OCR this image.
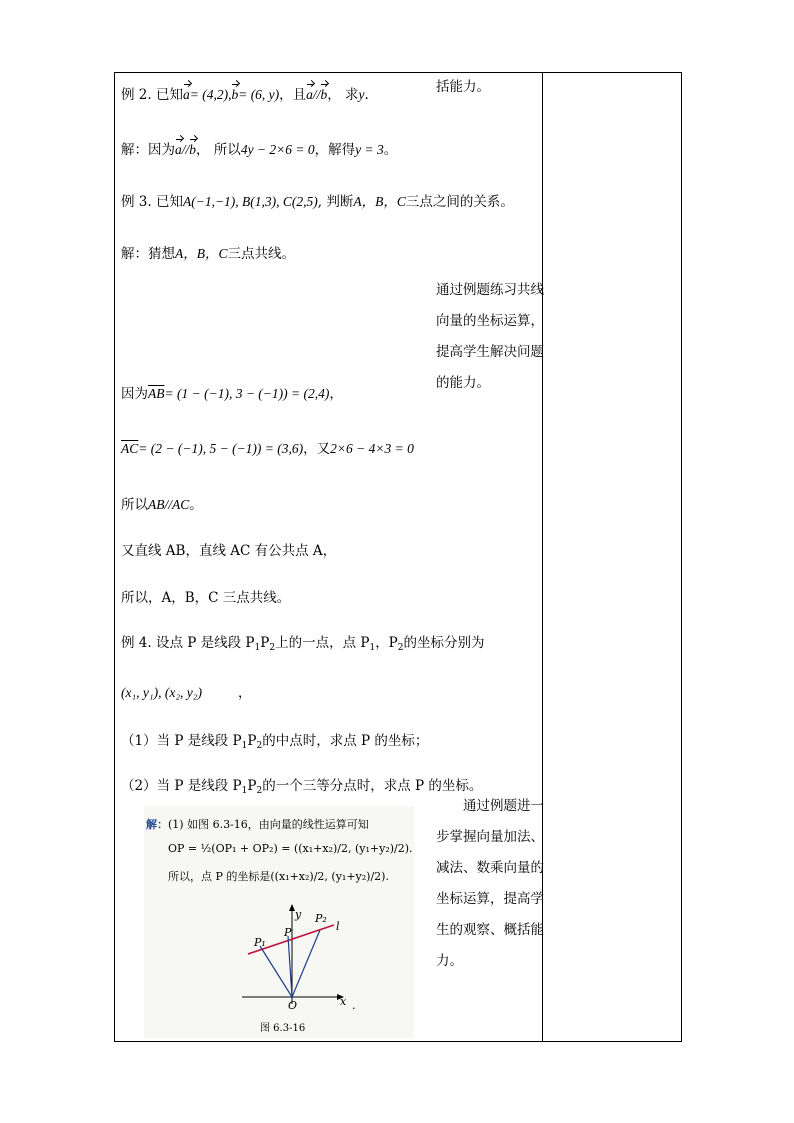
例 2. 已知a= (4,2),b= (6, y)，且a//b， 求y.
解：因为a//b， 所以4y − 2×6 = 0，解得y = 3。
例 3. 已知A(−1,−1), B(1,3), C(2,5), 判断A，B，C三点之间的关系。
解：猜想A，B，C三点共线。
因为$\overline{AB}= (1 - (-1)$, 3 − (−1)) = (2,4)，
$\overline{AC}= (2 - (-1)$, 5 − (−1)) = (3,6)，又2×6 − 4×3 = 0
所以AB//AC。
又直线 AB，直线 AC 有公共点 A，
所以，A，B，C 三点共线。
例 4. 设点 P 是线段 $P_1P_2$上的一点，点 $P_1$，$P_2$的坐标分别为
(x₁, y₁), (x₂, y₂)	，
（1）当 P 是线段 $P_1P_2$的中点时，求点 P 的坐标；
（2）当 P 是线段 $P_1P_2$的一个三等分点时，求点 P 的坐标。
解：(1) 如图 6.3-16，由向量的线性运算可知
OP = ½(OP₁ + OP₂) = ((x₁+x₂)/2, (y₁+y₂)/2).
所以，点 P 的坐标是((x₁+x₂)/2, (y₁+y₂)/2).
y
x
O
P₁
P
P₂
l
.
图 6.3-16
括能力。
通过例题练习共线
向量的坐标运算，
提高学生解决问题
的能力。
　　通过例题进一
步掌握向量加法、
减法、数乘向量的
坐标运算，提高学
生的观察、概括能
力。
